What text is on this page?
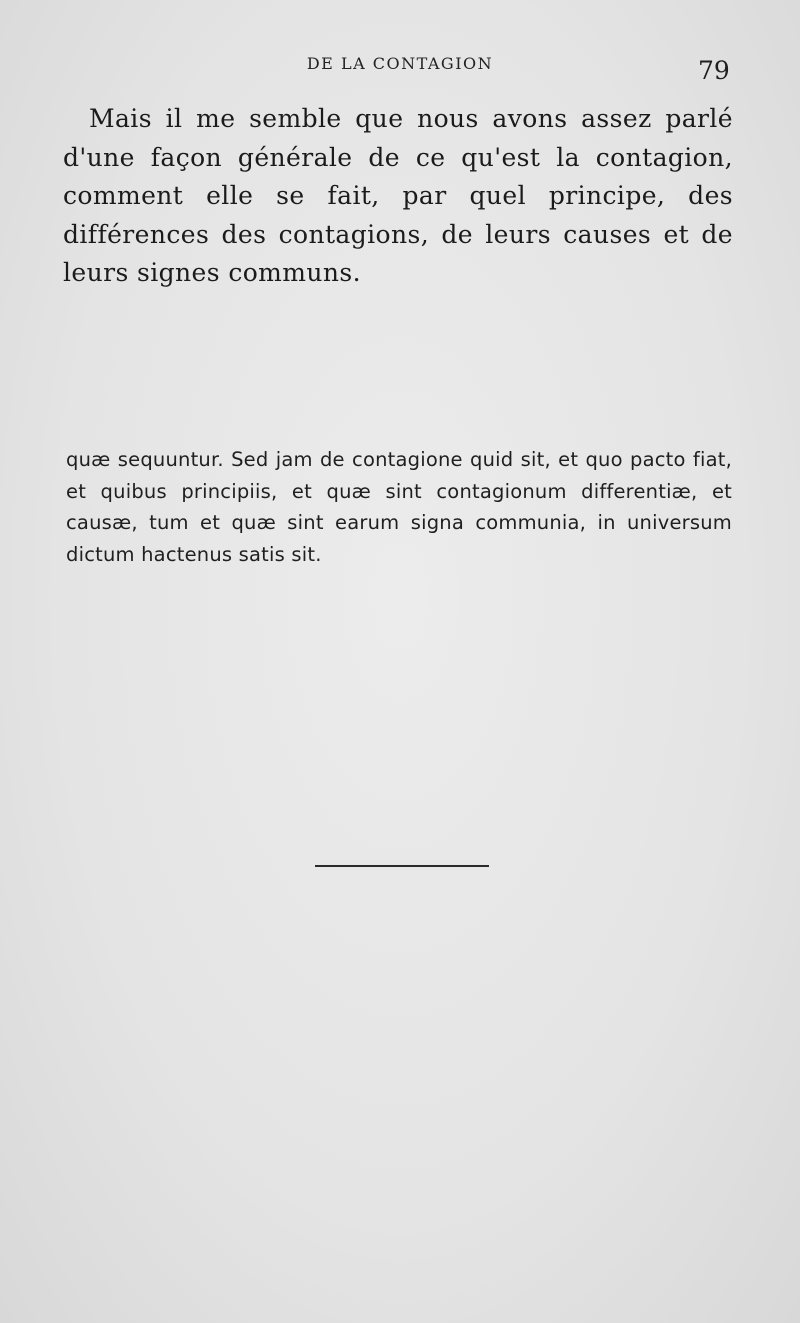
DE LA CONTAGION	79

Mais il me semble que nous avons assez parlé d'une façon générale de ce qu'est la contagion, comment elle se fait, par quel principe, des différences des contagions, de leurs causes et de leurs signes communs.

quæ sequuntur. Sed jam de contagione quid sit, et quo pacto fiat, et quibus principiis, et quæ sint contagionum differentiæ, et causæ, tum et quæ sint earum signa communia, in universum dictum hactenus satis sit.
